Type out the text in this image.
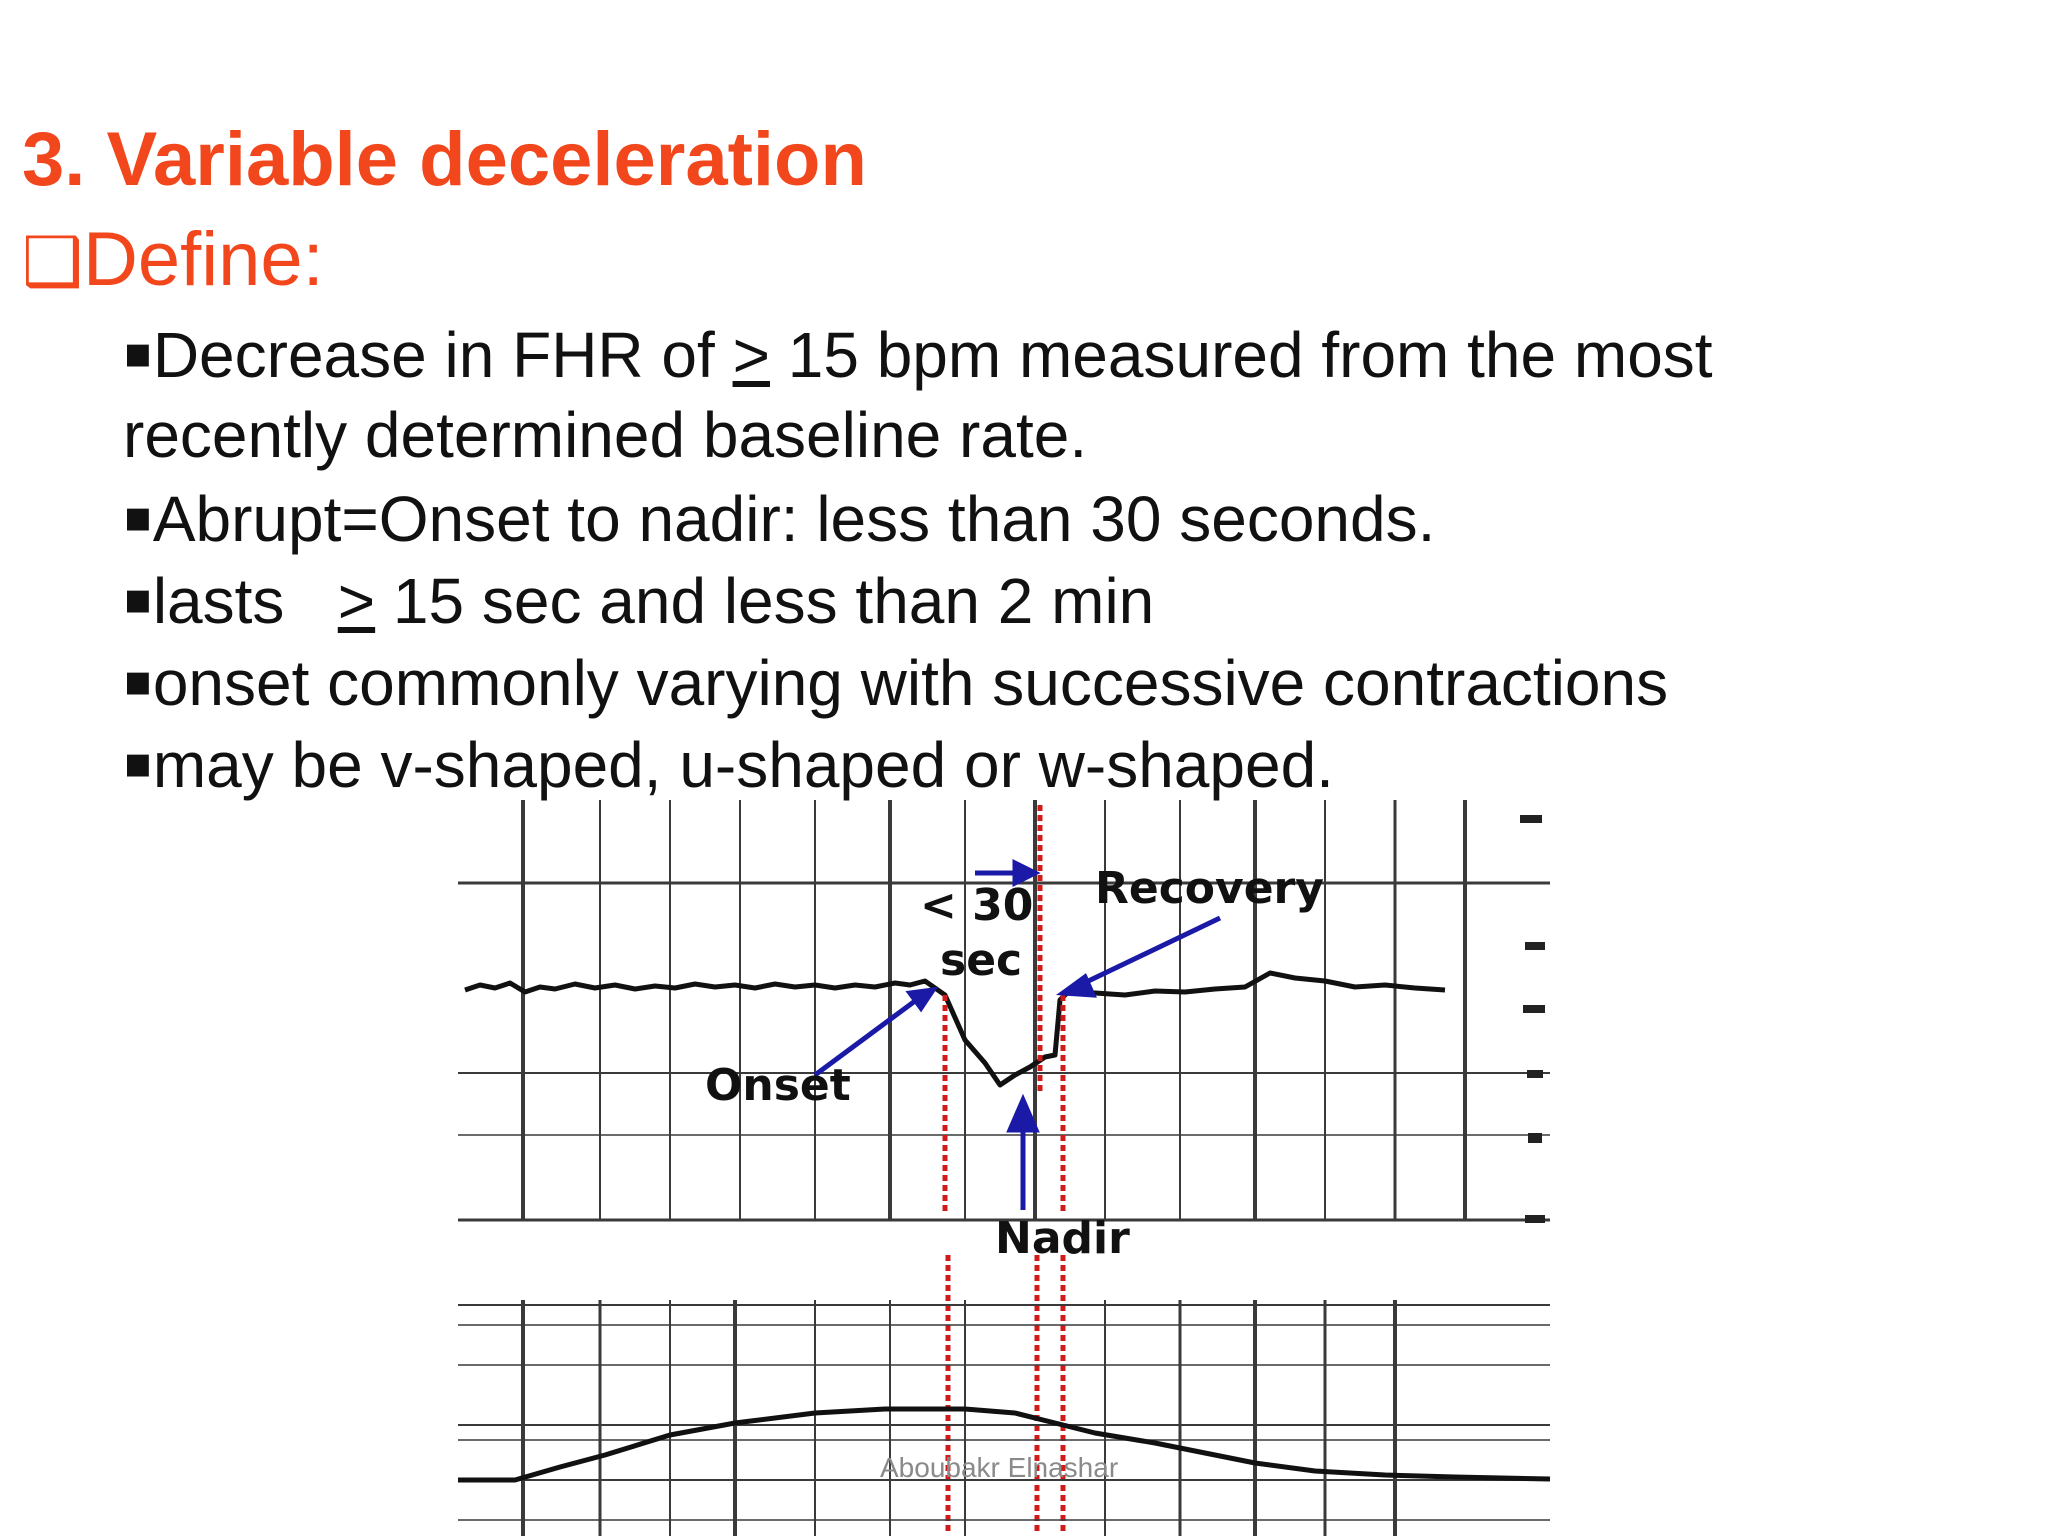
3. Variable deceleration
❑Define:
▪Decrease in FHR of ≥ 15 bpm measured from the most
recently determined baseline rate.
▪Abrupt=Onset to nadir: less than 30 seconds.
▪lasts   ≥ 15 sec and less than 2 min
▪onset commonly varying with successive contractions
▪may be v-shaped, u-shaped or w-shaped.
< 30
sec
Recovery
Onset
Nadir
Aboubakr Elnashar
